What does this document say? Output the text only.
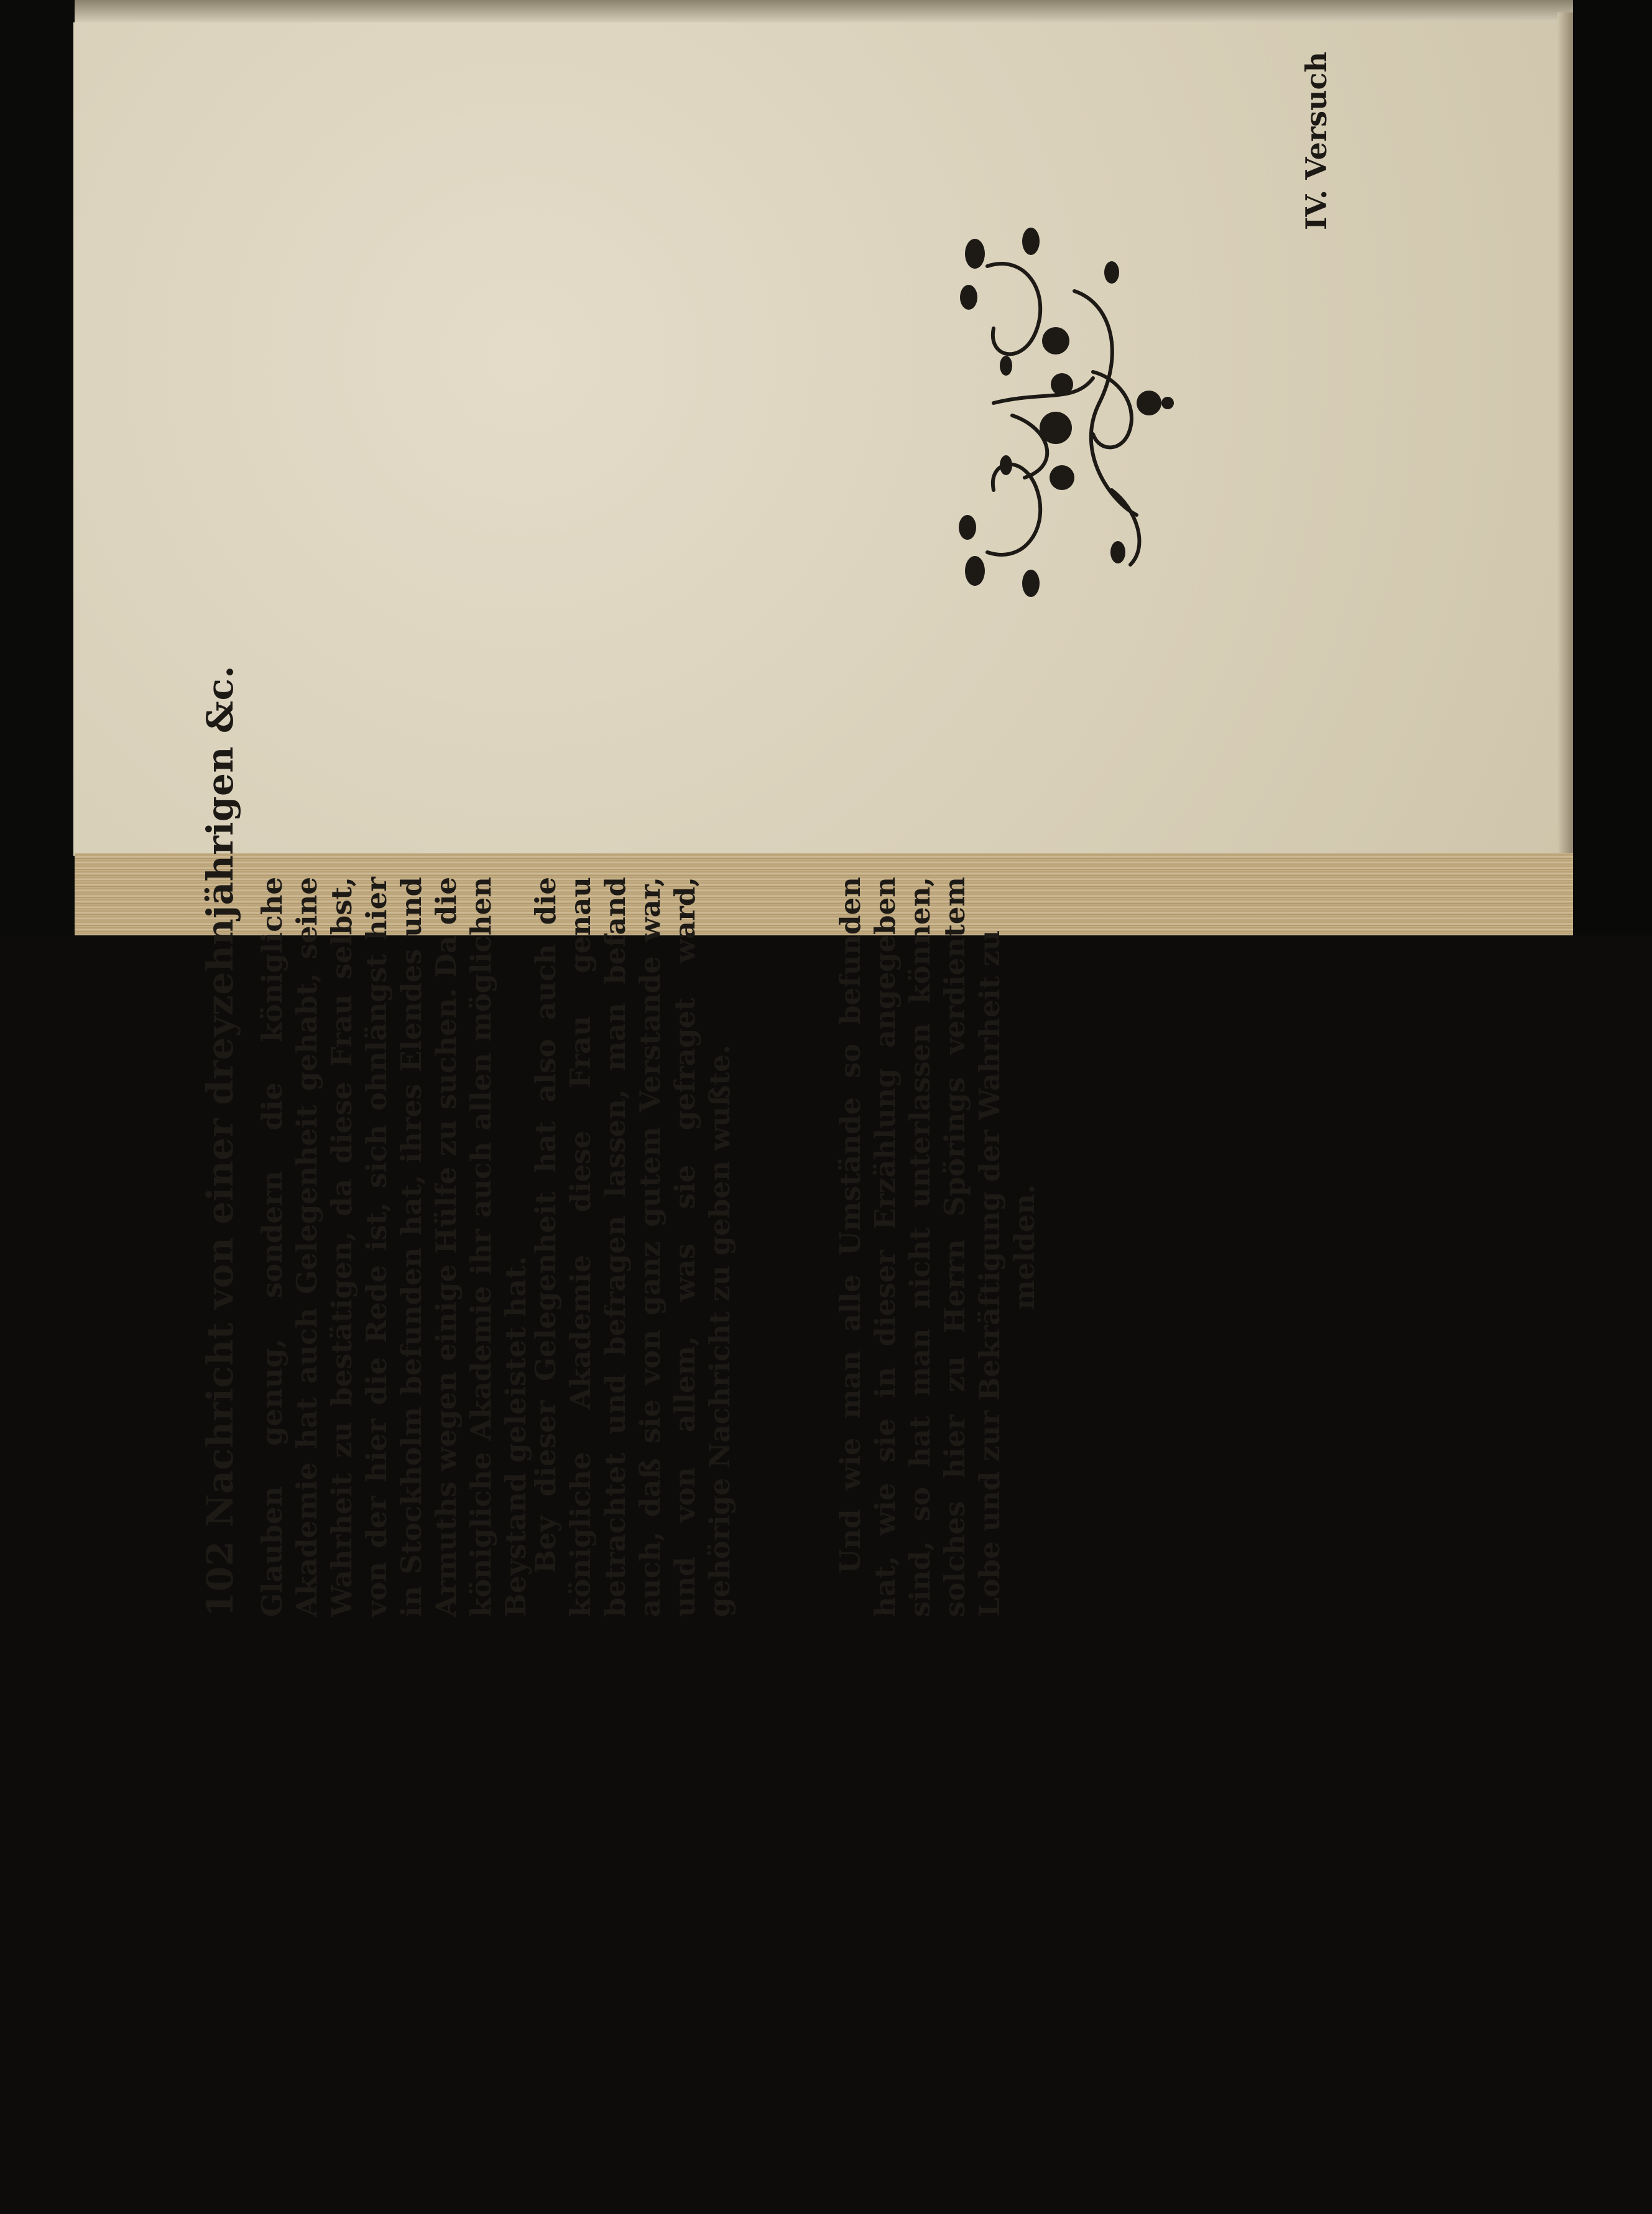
102Nachricht von einer dreyzehnjährigen &c. Glauben genug, sondern die königliche Akademie hat auch Gelegenheit gehabt, seine Wahrheit zu bestätigen, da diese Frau selbst, von der hier die Rede ist, sich ohnlängst hier in Stockholm befunden hat, ihres Elendes und Armuths wegen einige Hülfe zu suchen. Da die königliche Akademie ihr auch allen möglichen Beystand geleistet hat.
Bey dieser Gelegenheit hat also auch die königliche Akademie diese Frau genau betrachtet und befragen lassen, man befand auch, daß sie von ganz gutem Verstande war, und von allem, was sie gefraget ward, gehörige Nachricht zu geben wußte.	Und wie man alle Umstände so befunden hat, wie sie in dieser Erzählung angegeben sind, so hat man nicht unterlassen können, solches hier zu Herrn Spörings verdientem Lobe und zur Bekräftigung der Wahrheit zu melden.
IV. Versuch
